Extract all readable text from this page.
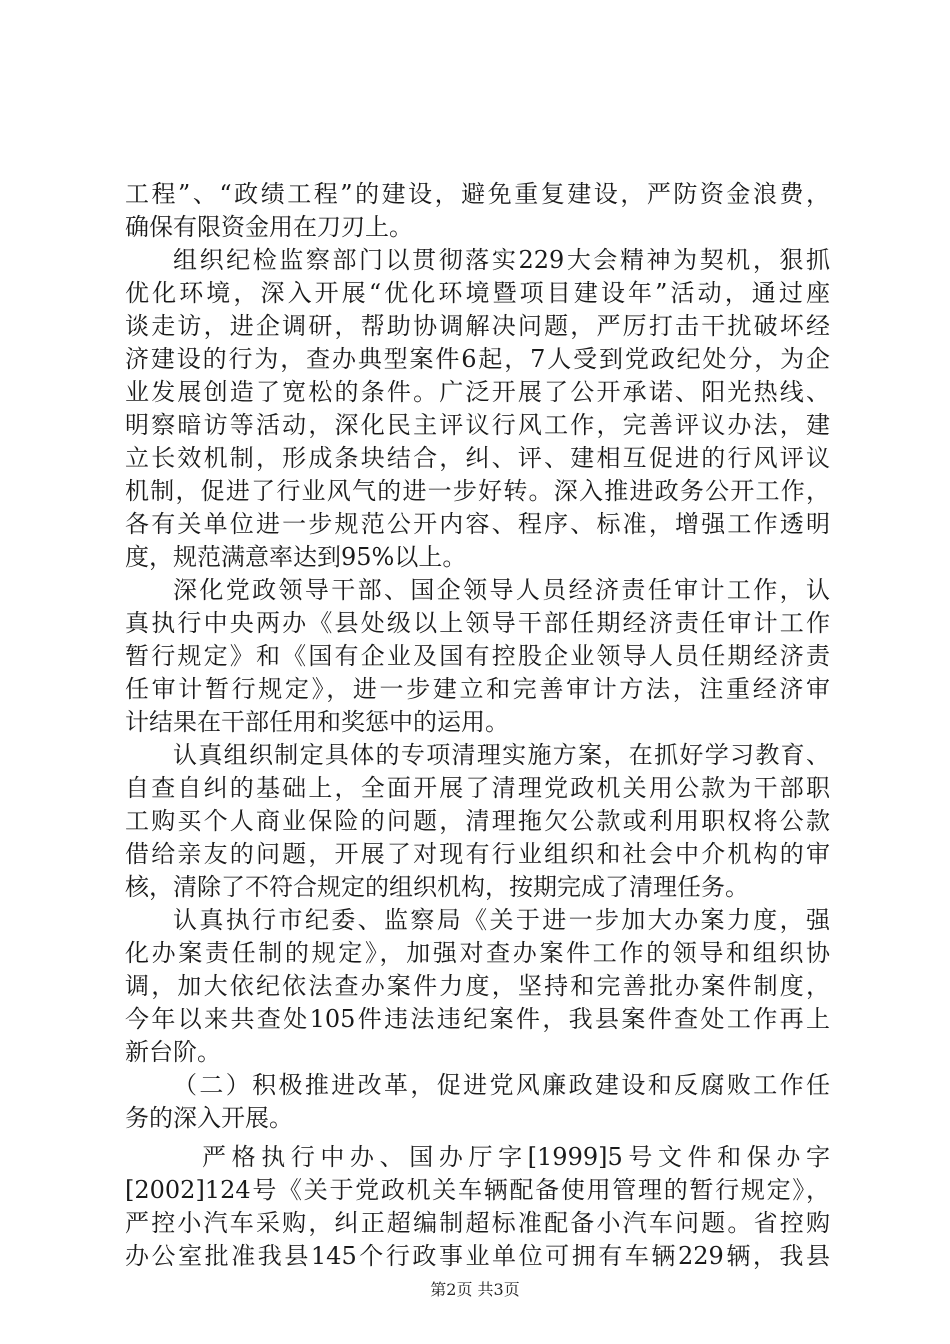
工程”、“政绩工程”的建设，避免重复建设，严防资金浪费，
确保有限资金用在刀刃上。
组织纪检监察部门以贯彻落实229大会精神为契机，狠抓
优化环境，深入开展“优化环境暨项目建设年”活动，通过座
谈走访，进企调研，帮助协调解决问题，严厉打击干扰破坏经
济建设的行为，查办典型案件6起，7人受到党政纪处分，为企
业发展创造了宽松的条件。广泛开展了公开承诺、阳光热线、
明察暗访等活动，深化民主评议行风工作，完善评议办法，建
立长效机制，形成条块结合，纠、评、建相互促进的行风评议
机制，促进了行业风气的进一步好转。深入推进政务公开工作，
各有关单位进一步规范公开内容、程序、标准，增强工作透明
度，规范满意率达到95%以上。
深化党政领导干部、国企领导人员经济责任审计工作，认
真执行中央两办《县处级以上领导干部任期经济责任审计工作
暂行规定》和《国有企业及国有控股企业领导人员任期经济责
任审计暂行规定》，进一步建立和完善审计方法，注重经济审
计结果在干部任用和奖惩中的运用。
认真组织制定具体的专项清理实施方案，在抓好学习教育、
自查自纠的基础上，全面开展了清理党政机关用公款为干部职
工购买个人商业保险的问题，清理拖欠公款或利用职权将公款
借给亲友的问题，开展了对现有行业组织和社会中介机构的审
核，清除了不符合规定的组织机构，按期完成了清理任务。
认真执行市纪委、监察局《关于进一步加大办案力度，强
化办案责任制的规定》，加强对查办案件工作的领导和组织协
调，加大依纪依法查办案件力度，坚持和完善批办案件制度，
今年以来共查处105件违法违纪案件，我县案件查处工作再上
新台阶。
（二）积极推进改革，促进党风廉政建设和反腐败工作任
务的深入开展。
严格执行中办、国办厅字[1999]5号文件和保办字
[2002]124号《关于党政机关车辆配备使用管理的暂行规定》，
严控小汽车采购，纠正超编制超标准配备小汽车问题。省控购
办公室批准我县145个行政事业单位可拥有车辆229辆，我县
第2页 共3页
